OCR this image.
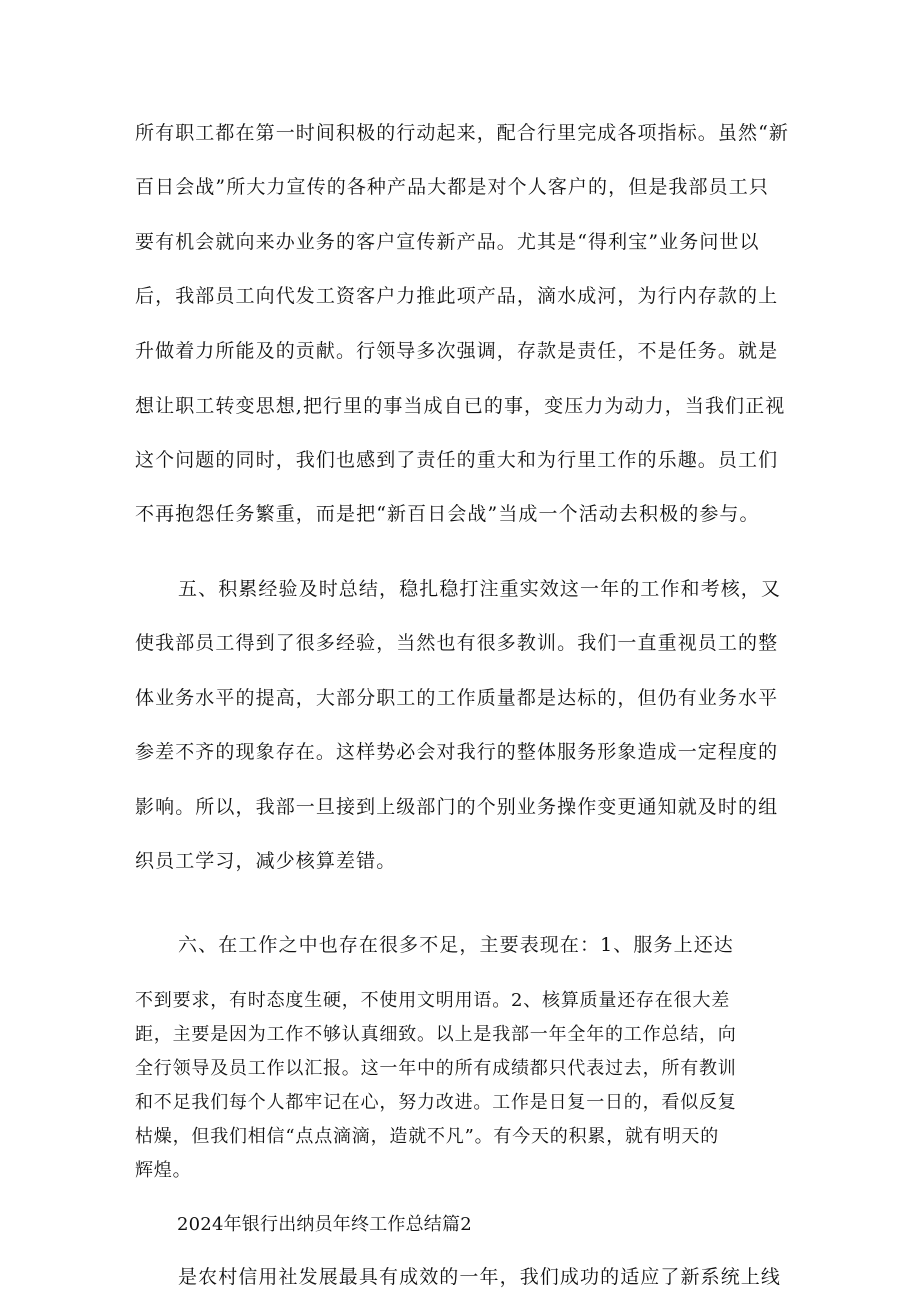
所有职工都在第一时间积极的行动起来，配合行里完成各项指标。虽然“新

百日会战”所大力宣传的各种产品大都是对个人客户的，但是我部员工只

要有机会就向来办业务的客户宣传新产品。尤其是“得利宝”业务问世以

后，我部员工向代发工资客户力推此项产品，滴水成河，为行内存款的上

升做着力所能及的贡献。行领导多次强调，存款是责任，不是任务。就是

想让职工转变思想,把行里的事当成自已的事，变压力为动力，当我们正视

这个问题的同时，我们也感到了责任的重大和为行里工作的乐趣。员工们

不再抱怨任务繁重，而是把“新百日会战”当成一个活动去积极的参与。

五、积累经验及时总结，稳扎稳打注重实效这一年的工作和考核，又

使我部员工得到了很多经验，当然也有很多教训。我们一直重视员工的整

体业务水平的提高，大部分职工的工作质量都是达标的，但仍有业务水平

参差不齐的现象存在。这样势必会对我行的整体服务形象造成一定程度的

影响。所以，我部一旦接到上级部门的个别业务操作变更通知就及时的组

织员工学习，减少核算差错。

六、在工作之中也存在很多不足，主要表现在：1、服务上还达

不到要求，有时态度生硬，不使用文明用语。2、核算质量还存在很大差

距，主要是因为工作不够认真细致。以上是我部一年全年的工作总结，向

全行领导及员工作以汇报。这一年中的所有成绩都只代表过去，所有教训

和不足我们每个人都牢记在心，努力改进。工作是日复一日的，看似反复

枯燥，但我们相信“点点滴滴，造就不凡”。有今天的积累，就有明天的

辉煌。

2024年银行出纳员年终工作总结篇2

是农村信用社发展最具有成效的一年，我们成功的适应了新系统上线
